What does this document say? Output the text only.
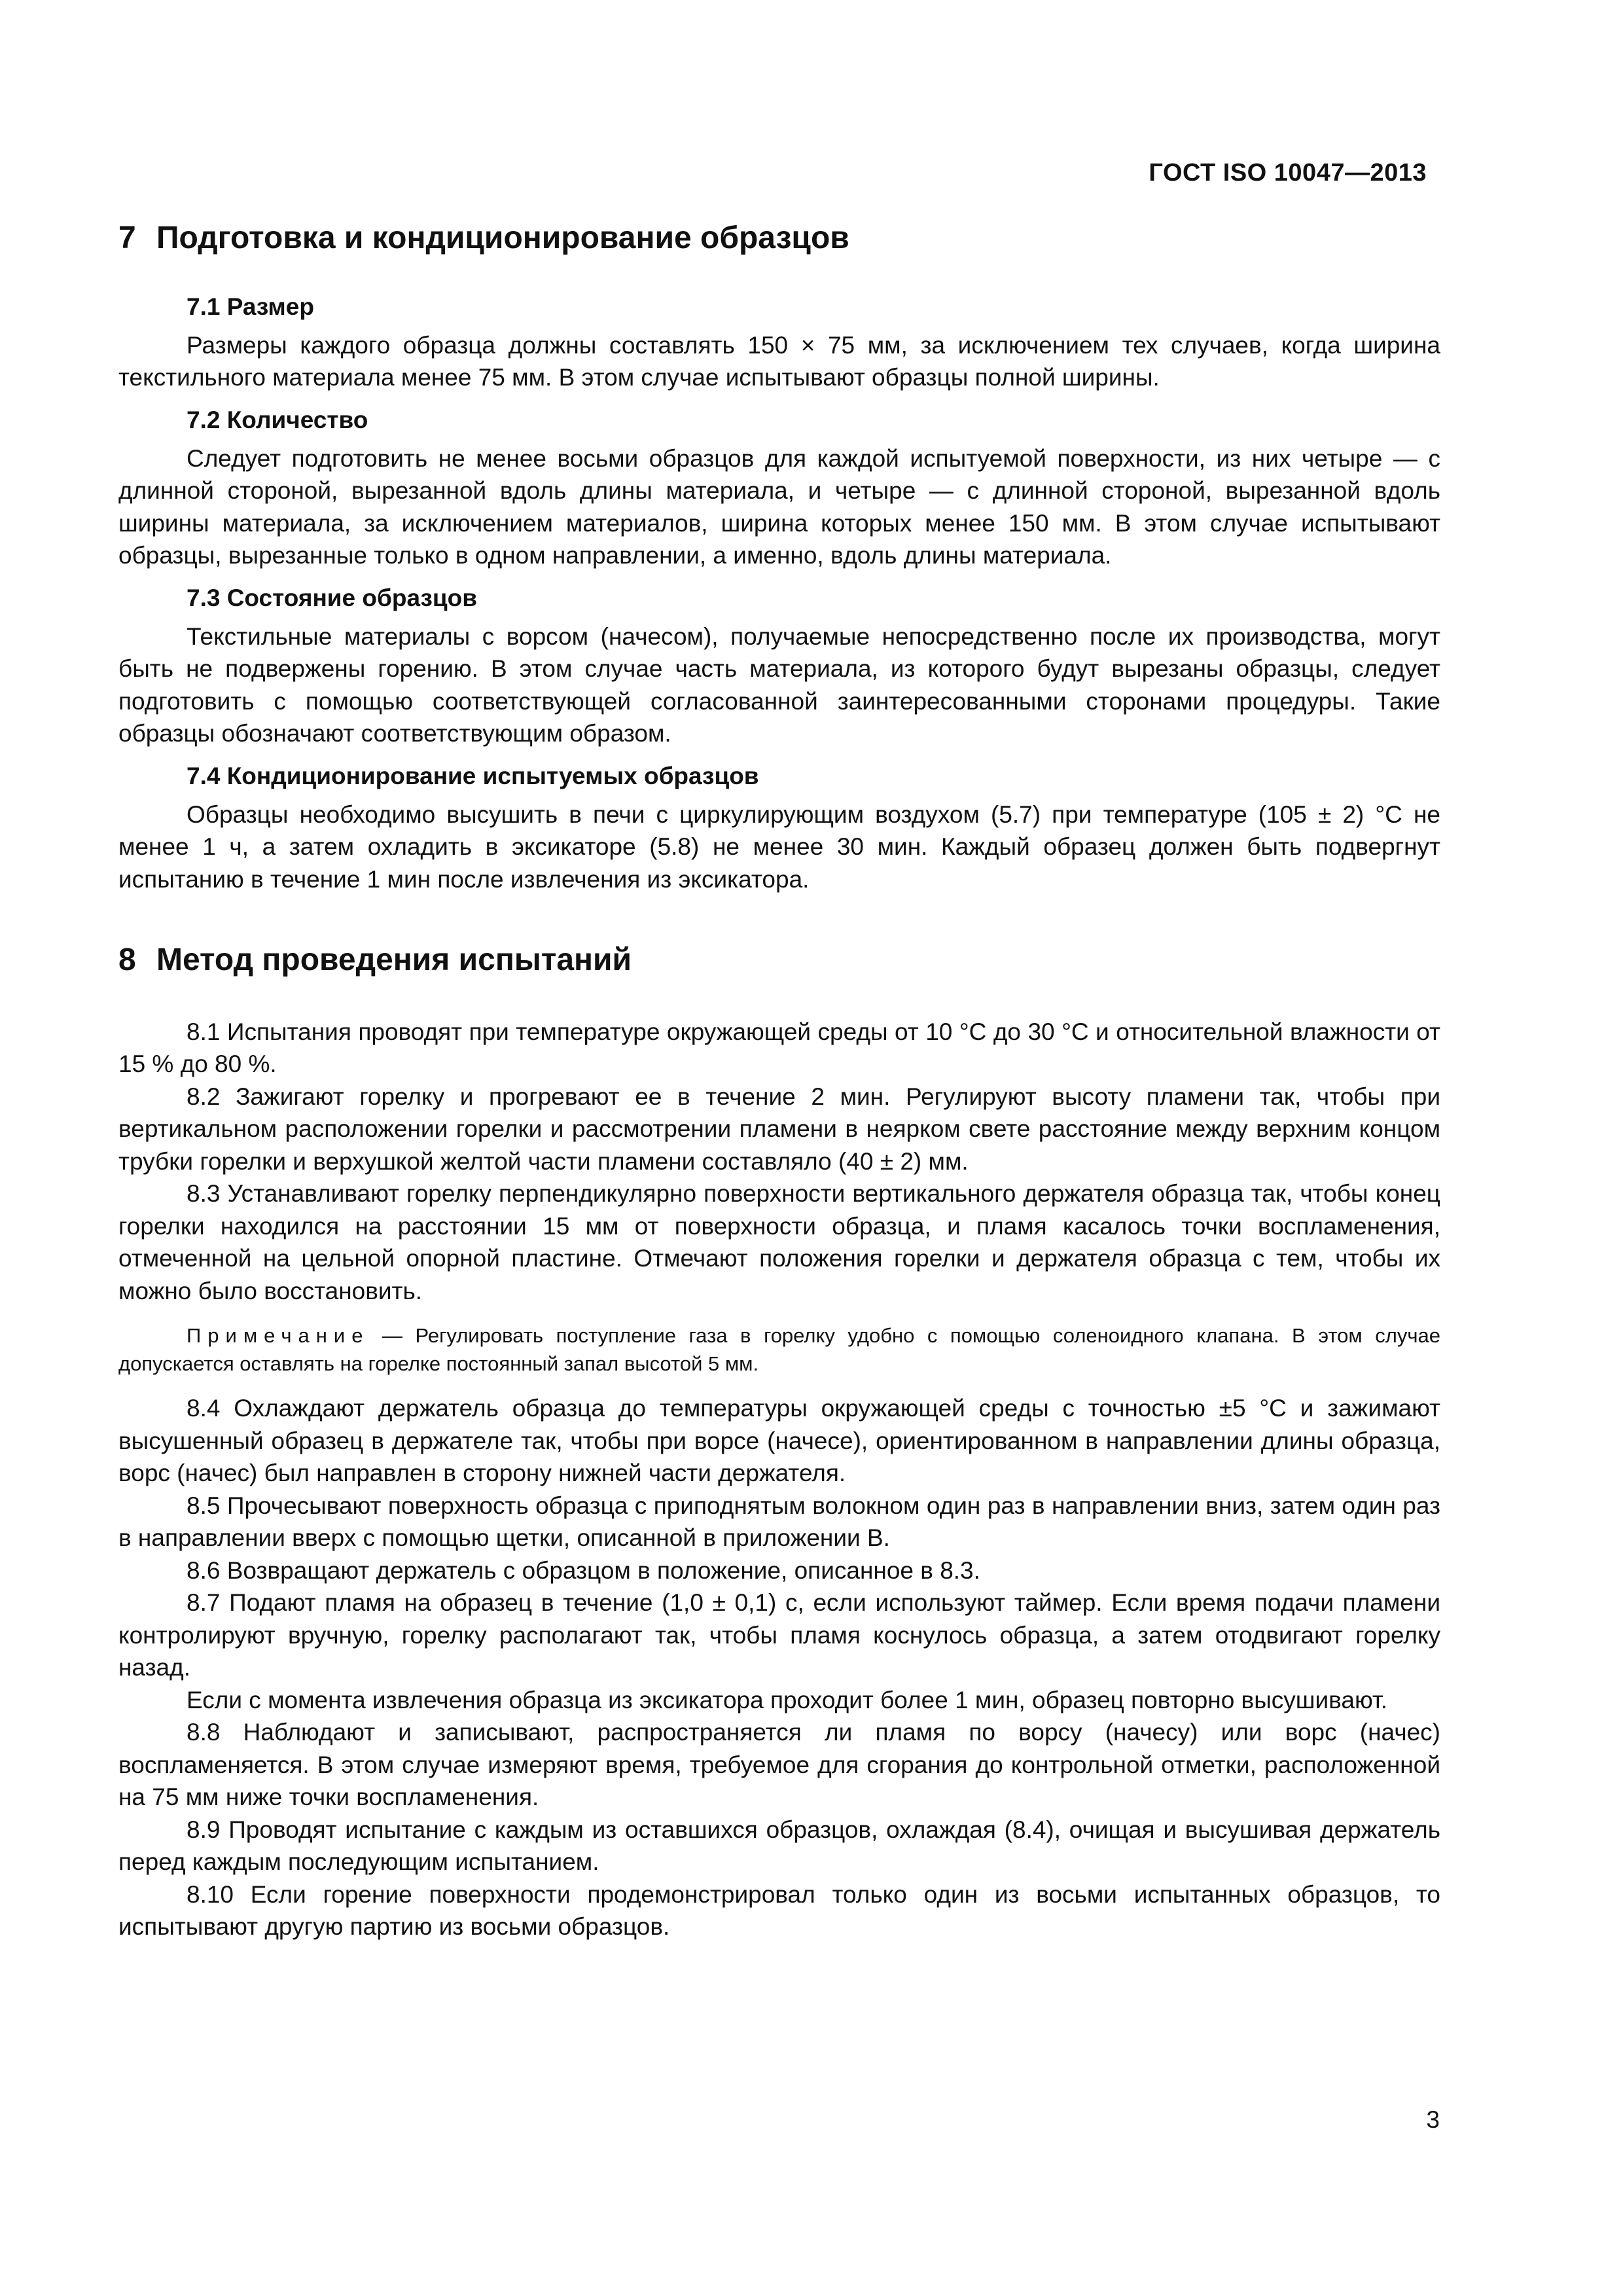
ГОСТ ISO 10047—2013
7 Подготовка и кондиционирование образцов
7.1 Размер

Размеры каждого образца должны составлять 150 × 75 мм, за исключением тех случаев, когда ширина текстильного материала менее 75 мм. В этом случае испытывают образцы полной ширины.

7.2 Количество

Следует подготовить не менее восьми образцов для каждой испытуемой поверхности, из них четыре — с длинной стороной, вырезанной вдоль длины материала, и четыре — с длинной стороной, вырезанной вдоль ширины материала, за исключением материалов, ширина которых менее 150 мм. В этом случае испытывают образцы, вырезанные только в одном направлении, а именно, вдоль длины материала.

7.3 Состояние образцов

Текстильные материалы с ворсом (начесом), получаемые непосредственно после их производства, могут быть не подвержены горению. В этом случае часть материала, из которого будут вырезаны образцы, следует подготовить с помощью соответствующей согласованной заинтересованными сторонами процедуры. Такие образцы обозначают соответствующим образом.

7.4 Кондиционирование испытуемых образцов

Образцы необходимо высушить в печи с циркулирующим воздухом (5.7) при температуре (105 ± 2) °С не менее 1 ч, а затем охладить в эксикаторе (5.8) не менее 30 мин. Каждый образец должен быть подвергнут испытанию в течение 1 мин после извлечения из эксикатора.

8 Метод проведения испытаний

8.1 Испытания проводят при температуре окружающей среды от 10 °С до 30 °С и относительной влажности от 15 % до 80 %.

8.2 Зажигают горелку и прогревают ее в течение 2 мин. Регулируют высоту пламени так, чтобы при вертикальном расположении горелки и рассмотрении пламени в неярком свете расстояние между верхним концом трубки горелки и верхушкой желтой части пламени составляло (40 ± 2) мм.

8.3 Устанавливают горелку перпендикулярно поверхности вертикального держателя образца так, чтобы конец горелки находился на расстоянии 15 мм от поверхности образца, и пламя касалось точки воспламенения, отмеченной на цельной опорной пластине. Отмечают положения горелки и держателя образца с тем, чтобы их можно было восстановить.

Примечание — Регулировать поступление газа в горелку удобно с помощью соленоидного клапана. В этом случае допускается оставлять на горелке постоянный запал высотой 5 мм.

8.4 Охлаждают держатель образца до температуры окружающей среды с точностью ±5 °С и зажимают высушенный образец в держателе так, чтобы при ворсе (начесе), ориентированном в направлении длины образца, ворс (начес) был направлен в сторону нижней части держателя.

8.5 Прочесывают поверхность образца с приподнятым волокном один раз в направлении вниз, затем один раз в направлении вверх с помощью щетки, описанной в приложении В.

8.6 Возвращают держатель с образцом в положение, описанное в 8.3.

8.7 Подают пламя на образец в течение (1,0 ± 0,1) с, если используют таймер. Если время подачи пламени контролируют вручную, горелку располагают так, чтобы пламя коснулось образца, а затем отодвигают горелку назад.

Если с момента извлечения образца из эксикатора проходит более 1 мин, образец повторно высушивают.

8.8 Наблюдают и записывают, распространяется ли пламя по ворсу (начесу) или ворс (начес) воспламеняется. В этом случае измеряют время, требуемое для сгорания до контрольной отметки, расположенной на 75 мм ниже точки воспламенения.

8.9 Проводят испытание с каждым из оставшихся образцов, охлаждая (8.4), очищая и высушивая держатель перед каждым последующим испытанием.

8.10 Если горение поверхности продемонстрировал только один из восьми испытанных образцов, то испытывают другую партию из восьми образцов.

3
